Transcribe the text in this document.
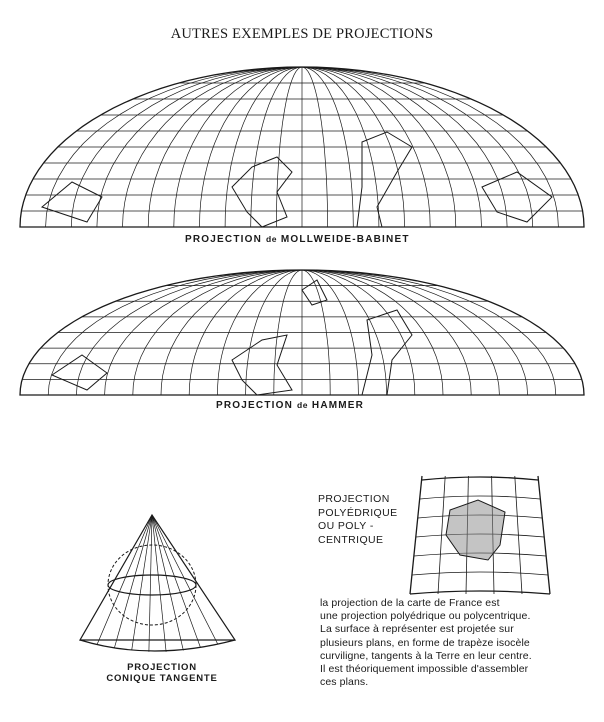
AUTRES EXEMPLES DE PROJECTIONS
PROJECTION de MOLLWEIDE-BABINET
PROJECTION de HAMMER
PROJECTION
CONIQUE TANGENTE
PROJECTION
POLYÉDRIQUE
OU POLY -
CENTRIQUE
la projection de la carte de France est
une projection polyédrique ou polycentrique.
La surface à représenter est projetée sur
plusieurs plans, en forme de trapèze isocèle
curviligne, tangents à la Terre en leur centre.
Il est théoriquement impossible d'assembler
ces plans.
